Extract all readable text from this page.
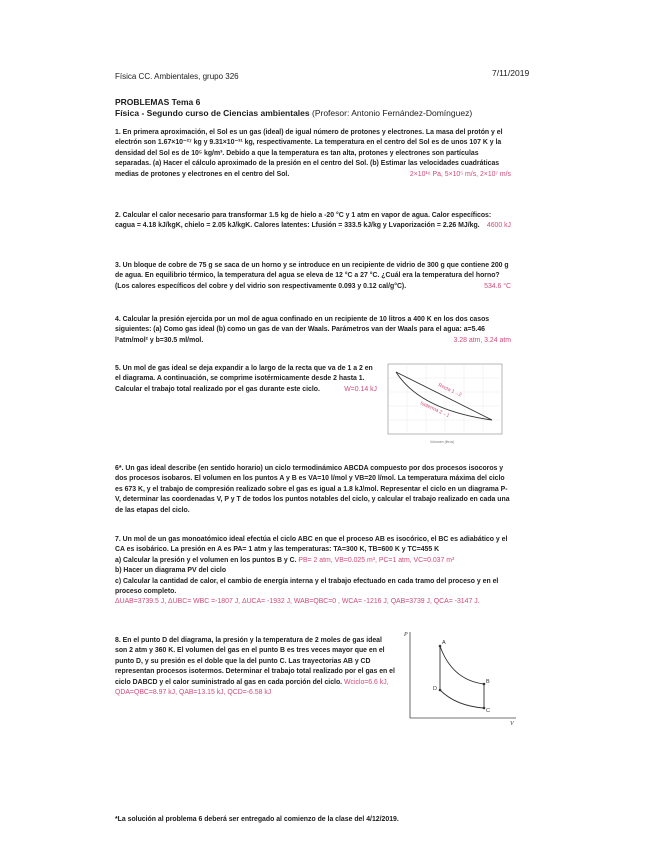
Física CC. Ambientales, grupo 326	7/11/2019
PROBLEMAS Tema 6
Física - Segundo curso de Ciencias ambientales (Profesor: Antonio Fernández-Domínguez)
1. En primera aproximación, el Sol es un gas (ideal) de igual número de protones y electrones. La masa del protón y el electrón son 1.67×10⁻²⁷ kg y 9.31×10⁻³¹ kg, respectivamente. La temperatura en el centro del Sol es de unos 107 K y la densidad del Sol es de 10⁵ kg/m³. Debido a que la temperatura es tan alta, protones y electrones son partículas separadas. (a) Hacer el cálculo aproximado de la presión en el centro del Sol. (b) Estimar las velocidades cuadráticas medias de protones y electrones en el centro del Sol.	2×10¹⁶ Pa, 5×10⁵ m/s, 2×10⁷ m/s
2. Calcular el calor necesario para transformar 1.5 kg de hielo a -20 °C y 1 atm en vapor de agua. Calor específicos: cagua = 4.18 kJ/kgK, chielo = 2.05 kJ/kgK. Calores latentes: Lfusión = 333.5 kJ/kg y Lvaporización = 2.26 MJ/kg. 4600 kJ
3. Un bloque de cobre de 75 g se saca de un horno y se introduce en un recipiente de vidrio de 300 g que contiene 200 g de agua. En equilibrio térmico, la temperatura del agua se eleva de 12 °C a 27 °C. ¿Cuál era la temperatura del horno? (Los calores específicos del cobre y del vidrio son respectivamente 0.093 y 0.12 cal/g°C).	534.6 °C
4. Calcular la presión ejercida por un mol de agua confinado en un recipiente de 10 litros a 400 K en los dos casos siguientes: (a) Como gas ideal (b) como un gas de van der Waals. Parámetros van der Waals para el agua: a=5.46 l²atm/mol² y b=30.5 ml/mol.	3.28 atm, 3.24 atm
5. Un mol de gas ideal se deja expandir a lo largo de la recta que va de 1 a 2 en el diagrama. A continuación, se comprime isotérmicamente desde 2 hasta 1. Calcular el trabajo total realizado por el gas durante este ciclo.	W=0.14 kJ	Recta 1→2
Isoterma 2→1
Volumen (litros)
6*. Un gas ideal describe (en sentido horario) un ciclo termodinámico ABCDA compuesto por dos procesos isocoros y dos procesos isobaros. El volumen en los puntos A y B es VA=10 l/mol y VB=20 l/mol. La temperatura máxima del ciclo es 673 K, y el trabajo de compresión realizado sobre el gas es igual a 1.8 kJ/mol. Representar el ciclo en un diagrama P-V, determinar las coordenadas V, P y T de todos los puntos notables del ciclo, y calcular el trabajo realizado en cada una de las etapas del ciclo.
7. Un mol de un gas monoatómico ideal efectúa el ciclo ABC en que el proceso AB es isocórico, el BC es adiabático y el CA es isobárico. La presión en A es PA= 1 atm y las temperaturas: TA=300 K, TB=600 K y TC=455 K
a) Calcular la presión y el volumen en los puntos B y C. PB= 2 atm, VB=0.025 m³, PC=1 atm, VC=0.037 m³
b) Hacer un diagrama PV del ciclo
c) Calcular la cantidad de calor, el cambio de energía interna y el trabajo efectuado en cada tramo del proceso y en el proceso completo.
ΔUAB=3739.5 J, ΔUBC= WBC =-1807 J, ΔUCA= -1932 J, WAB=QBC=0 , WCA= -1216 J, QAB=3739 J, QCA= -3147 J.
8. En el punto D del diagrama, la presión y la temperatura de 2 moles de gas ideal son 2 atm y 360 K. El volumen del gas en el punto B es tres veces mayor que en el punto D, y su presión es el doble que la del punto C. Las trayectorias AB y CD representan procesos isotermos. Determinar el trabajo total realizado por el gas en el ciclo DABCD y el calor suministrado al gas en cada porción del ciclo. Wciclo=6.6 kJ, QDA=QBC=8.97 kJ, QAB=13.15 kJ, QCD=-6.58 kJ
P
V
A
B
C
D
*La solución al problema 6 deberá ser entregado al comienzo de la clase del 4/12/2019.
